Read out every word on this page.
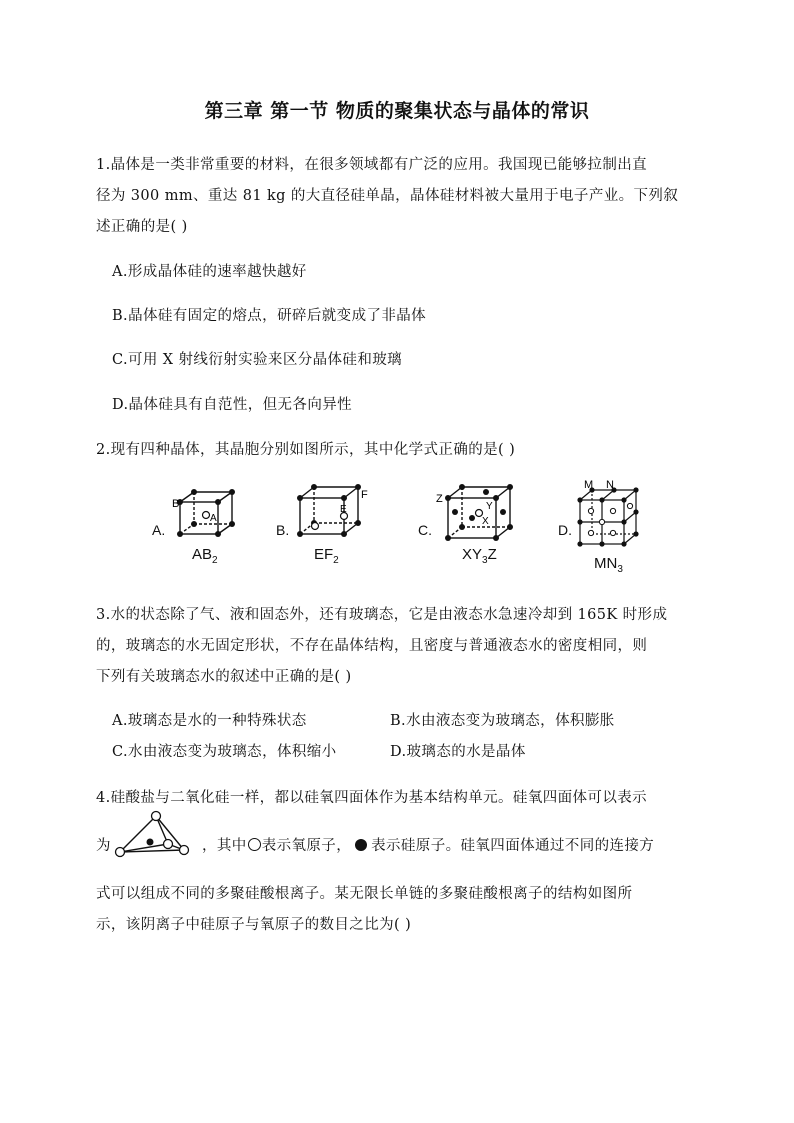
第三章 第一节 物质的聚集状态与晶体的常识
1.晶体是一类非常重要的材料，在很多领域都有广泛的应用。我国现已能够拉制出直
径为 300 mm、重达 81 kg 的大直径硅单晶，晶体硅材料被大量用于电子产业。下列叙
述正确的是( )
A.形成晶体硅的速率越快越好
B.晶体硅有固定的熔点，研碎后就变成了非晶体
C.可用 X 射线衍射实验来区分晶体硅和玻璃
D.晶体硅具有自范性，但无各向异性
2.现有四种晶体，其晶胞分别如图所示，其中化学式正确的是( )
A.
B
A
$AB_2$
B.
F
E
$EF_2$
C.
Z
Y
X
$XY_3Z$
D.
M N
$MN_3$
3.水的状态除了气、液和固态外，还有玻璃态，它是由液态水急速冷却到 165K 时形成
的，玻璃态的水无固定形状，不存在晶体结构，且密度与普通液态水的密度相同，则
下列有关玻璃态水的叙述中正确的是( )
A.玻璃态是水的一种特殊状态	B.水由液态变为玻璃态，体积膨胀
C.水由液态变为玻璃态，体积缩小	D.玻璃态的水是晶体
4.硅酸盐与二氧化硅一样，都以硅氧四面体作为基本结构单元。硅氧四面体可以表示
为	，其中 表示氧原子， 表示硅原子。硅氧四面体通过不同的连接方
式可以组成不同的多聚硅酸根离子。某无限长单链的多聚硅酸根离子的结构如图所
示，该阴离子中硅原子与氧原子的数目之比为( )
